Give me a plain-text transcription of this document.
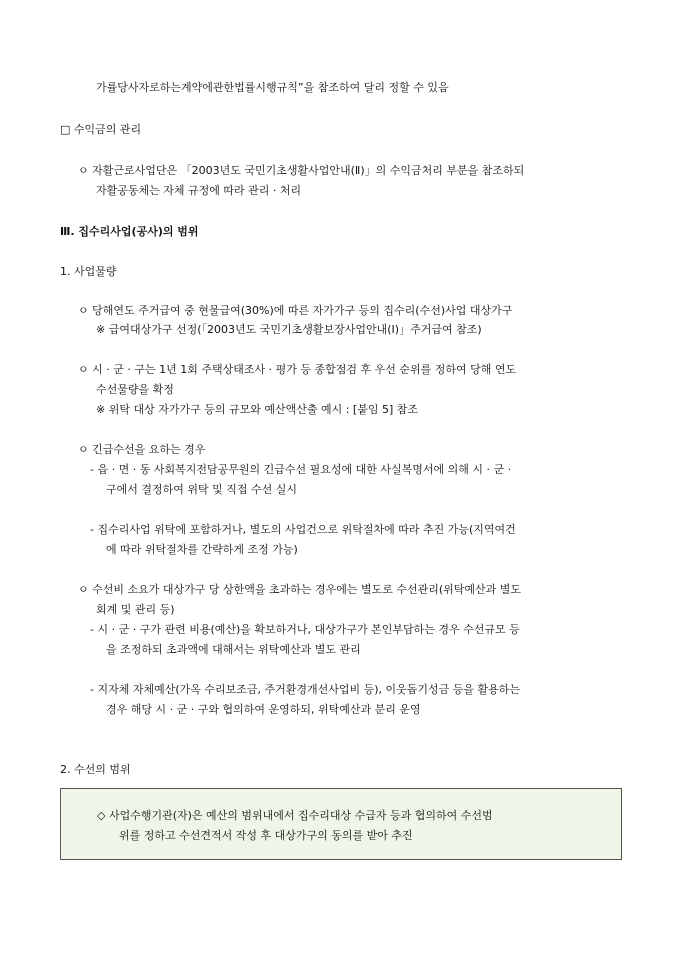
가률당사자로하는계약에관한법률시행규칙”을 참조하여 달리 정할 수 있음
□ 수익금의 관리
ㅇ 자활근로사업단은 「2003년도 국민기초생활사업안내(Ⅱ)」의 수익금처리 부분을 참조하되
자활공동체는 자체 규정에 따라 관리 · 처리
Ⅲ. 집수리사업(공사)의 범위
1. 사업물량
ㅇ 당해연도 주거급여 중 현물급여(30%)에 따른 자가가구 등의 집수리(수선)사업 대상가구
※ 급여대상가구 선정(「2003년도 국민기초생활보장사업안내(Ⅰ)」주거급여 참조)
ㅇ 시 · 군 · 구는 1년 1회 주택상태조사 · 평가 등 종합점검 후 우선 순위를 정하여 당해 연도
수선물량을 확정
※ 위탁 대상 자가가구 등의 규모와 예산액산출 예시 : [붙임 5] 참조
ㅇ 긴급수선을 요하는 경우
- 읍 · 면 · 동 사회복지전담공무원의 긴급수선 필요성에 대한 사실복명서에 의해 시 · 군 ·
구에서 결정하여 위탁 및 직접 수선 실시
- 집수리사업 위탁에 포함하거나, 별도의 사업건으로 위탁절차에 따라 추진 가능(지역여건
에 따라 위탁절차를 간략하게 조정 가능)
ㅇ 수선비 소요가 대상가구 당 상한액을 초과하는 경우에는 별도로 수선관리(위탁예산과 별도
회계 및 관리 등)
- 시 · 군 · 구가 관련 비용(예산)을 확보하거나, 대상가구가 본인부담하는 경우 수선규모 등
을 조정하되 초과액에 대해서는 위탁예산과 별도 관리
- 지자체 자체예산(가옥 수리보조금, 주거환경개선사업비 등), 이웃돕기성금 등을 활용하는
경우 해당 시 · 군 · 구와 협의하여 운영하되, 위탁예산과 분리 운영
2. 수선의 범위
◇ 사업수행기관(자)은 예산의 범위내에서 집수리대상 수급자 등과 협의하여 수선범
위를 정하고 수선견적서 작성 후 대상가구의 동의를 받아 추진
